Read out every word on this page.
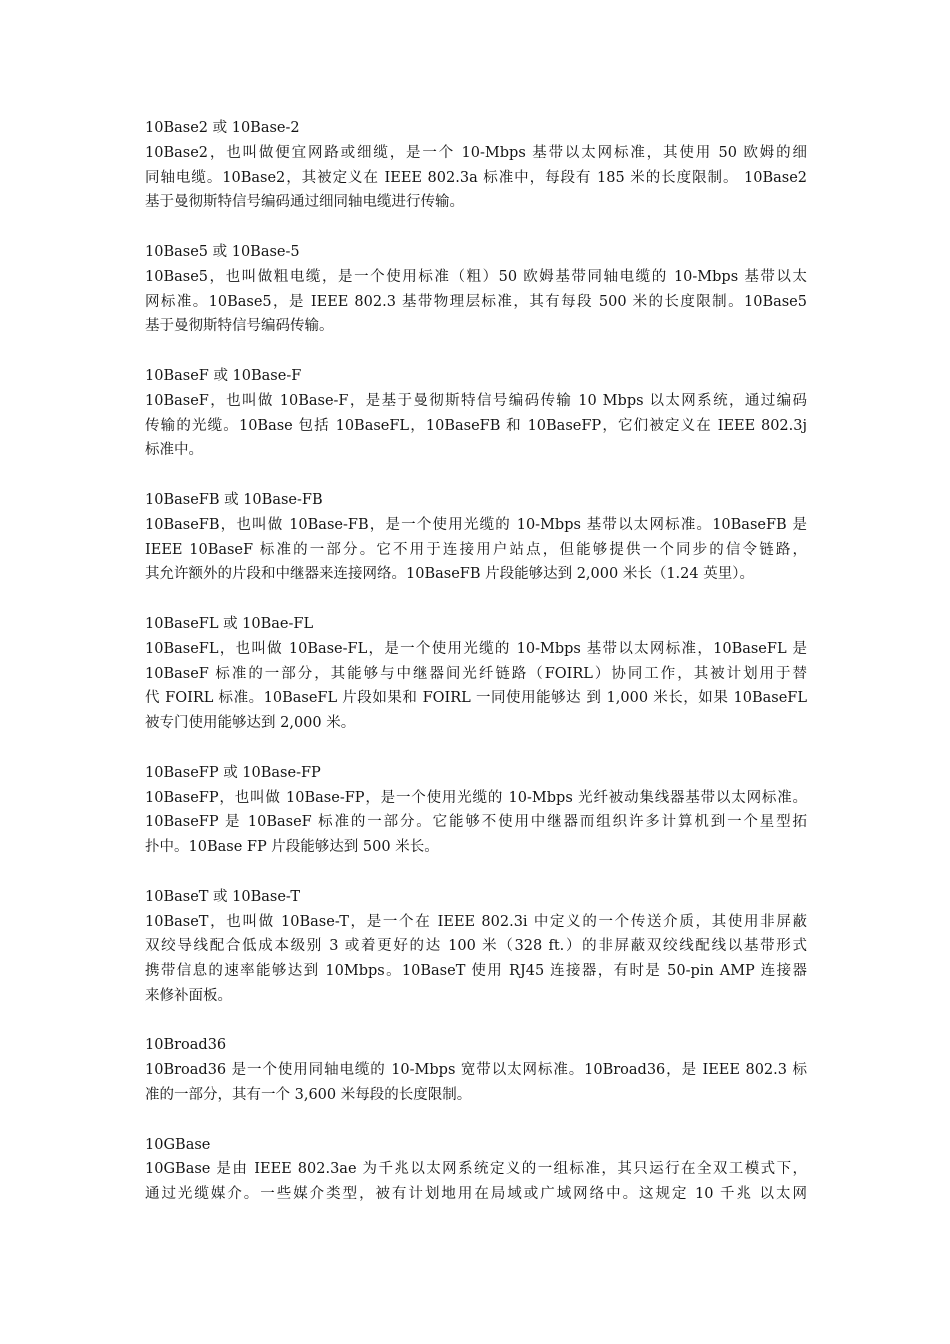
10Base2 或 10Base-2
10Base2，也叫做便宜网路或细缆，是一个 10-Mbps 基带以太网标准，其使用 50 欧姆的细
同轴电缆。10Base2，其被定义在 IEEE 802.3a 标准中，每段有 185 米的长度限制。 10Base2
基于曼彻斯特信号编码通过细同轴电缆进行传输。
10Base5 或 10Base-5
10Base5，也叫做粗电缆，是一个使用标准（粗）50 欧姆基带同轴电缆的 10-Mbps 基带以太
网标准。10Base5，是 IEEE 802.3 基带物理层标准，其有每段 500 米的长度限制。10Base5
基于曼彻斯特信号编码传输。
10BaseF 或 10Base-F
10BaseF，也叫做 10Base-F，是基于曼彻斯特信号编码传输 10 Mbps 以太网系统，通过编码
传输的光缆。10Base 包括 10BaseFL，10BaseFB 和 10BaseFP，它们被定义在 IEEE 802.3j
标准中。
10BaseFB 或 10Base-FB
10BaseFB，也叫做 10Base-FB，是一个使用光缆的 10-Mbps 基带以太网标准。10BaseFB 是
IEEE 10BaseF 标准的一部分。它不用于连接用户站点，但能够提供一个同步的信令链路，
其允许额外的片段和中继器来连接网络。10BaseFB 片段能够达到 2,000 米长（1.24 英里）。
10BaseFL 或 10Bae-FL
10BaseFL，也叫做 10Base-FL，是一个使用光缆的 10-Mbps 基带以太网标准，10BaseFL 是
10BaseF 标准的一部分，其能够与中继器间光纤链路（FOIRL）协同工作，其被计划用于替
代 FOIRL 标准。10BaseFL 片段如果和 FOIRL 一同使用能够达 到 1,000 米长，如果 10BaseFL
被专门使用能够达到 2,000 米。
10BaseFP 或 10Base-FP
10BaseFP，也叫做 10Base-FP，是一个使用光缆的 10-Mbps 光纤被动集线器基带以太网标准。
10BaseFP 是 10BaseF 标准的一部分。它能够不使用中继器而组织许多计算机到一个星型拓
扑中。10Base FP 片段能够达到 500 米长。
10BaseT 或 10Base-T
10BaseT，也叫做 10Base-T，是一个在 IEEE 802.3i 中定义的一个传送介质，其使用非屏蔽
双绞导线配合低成本级别 3 或着更好的达 100 米（328 ft.）的非屏蔽双绞线配线以基带形式
携带信息的速率能够达到 10Mbps。10BaseT 使用 RJ45 连接器，有时是 50-pin AMP 连接器
来修补面板。
10Broad36
10Broad36 是一个使用同轴电缆的 10-Mbps 宽带以太网标准。10Broad36，是 IEEE 802.3 标
准的一部分，其有一个 3,600 米每段的长度限制。
10GBase
10GBase 是由 IEEE 802.3ae 为千兆以太网系统定义的一组标准，其只运行在全双工模式下，
通过光缆媒介。一些媒介类型，被有计划地用在局域或广域网络中。这规定 10 千兆 以太网
